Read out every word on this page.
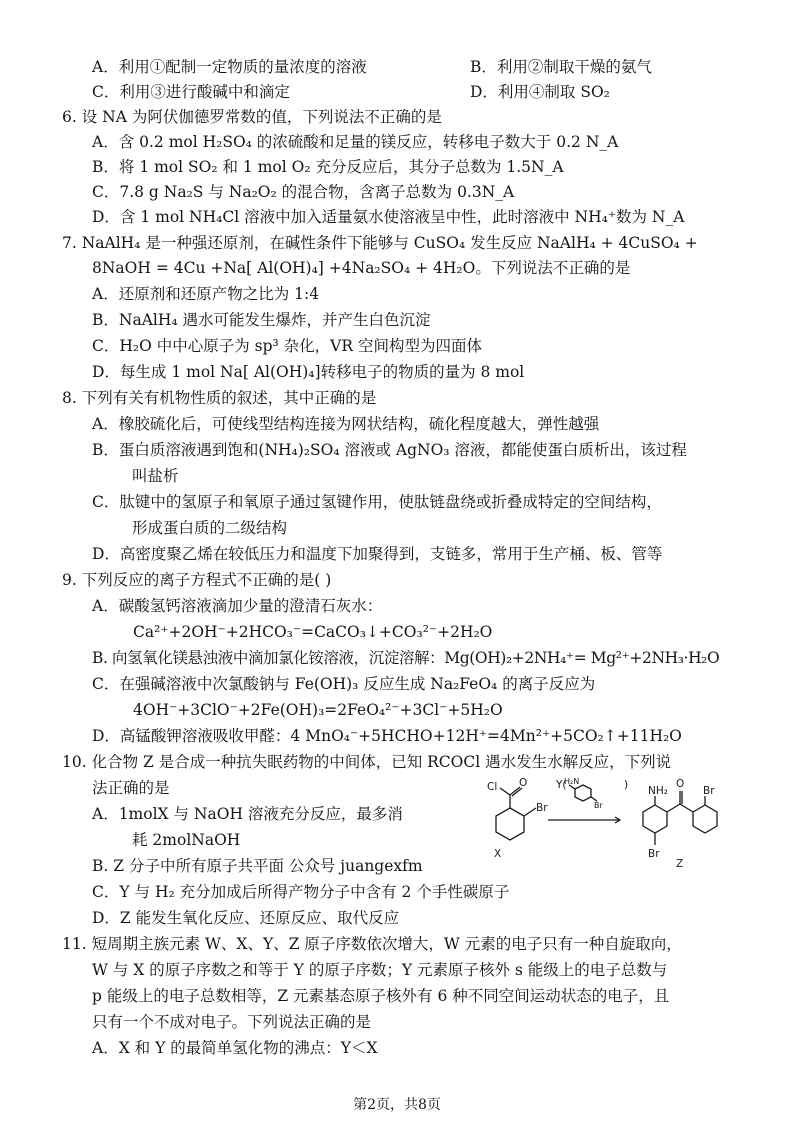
A．利用①配制一定物质的量浓度的溶液	B．利用②制取干燥的氨气
C．利用③进行酸碱中和滴定	D．利用④制取 SO₂
6. 设 NA 为阿伏伽德罗常数的值，下列说法不正确的是
A．含 0.2 mol H₂SO₄ 的浓硫酸和足量的镁反应，转移电子数大于 0.2 N_A
B．将 1 mol SO₂ 和 1 mol O₂ 充分反应后，其分子总数为 1.5N_A
C．7.8 g Na₂S 与 Na₂O₂ 的混合物，含离子总数为 0.3N_A
D．含 1 mol NH₄Cl 溶液中加入适量氨水使溶液呈中性，此时溶液中 NH₄⁺数为 N_A
7. NaAlH₄ 是一种强还原剂，在碱性条件下能够与 CuSO₄ 发生反应 NaAlH₄ + 4CuSO₄ +
8NaOH = 4Cu +Na[ Al(OH)₄] +4Na₂SO₄ + 4H₂O。下列说法不正确的是
A．还原剂和还原产物之比为 1:4
B．NaAlH₄ 遇水可能发生爆炸，并产生白色沉淀
C．H₂O 中中心原子为 sp³ 杂化，VR 空间构型为四面体
D．每生成 1 mol Na[ Al(OH)₄]转移电子的物质的量为 8 mol
8. 下列有关有机物性质的叙述，其中正确的是
A．橡胶硫化后，可使线型结构连接为网状结构，硫化程度越大，弹性越强
B．蛋白质溶液遇到饱和(NH₄)₂SO₄ 溶液或 AgNO₃ 溶液，都能使蛋白质析出，该过程
叫盐析
C．肽键中的氢原子和氧原子通过氢键作用，使肽链盘绕或折叠成特定的空间结构，
形成蛋白质的二级结构
D．高密度聚乙烯在较低压力和温度下加聚得到，支链多，常用于生产桶、板、管等
9. 下列反应的离子方程式不正确的是( )
A．碳酸氢钙溶液滴加少量的澄清石灰水：
Ca²⁺+2OH⁻+2HCO₃⁻=CaCO₃↓+CO₃²⁻+2H₂O
B. 向氢氧化镁悬浊液中滴加氯化铵溶液，沉淀溶解：Mg(OH)₂+2NH₄⁺= Mg²⁺+2NH₃·H₂O
C．在强碱溶液中次氯酸钠与 Fe(OH)₃ 反应生成 Na₂FeO₄ 的离子反应为
4OH⁻+3ClO⁻+2Fe(OH)₃=2FeO₄²⁻+3Cl⁻+5H₂O
D．高锰酸钾溶液吸收甲醛：4 MnO₄⁻+5HCHO+12H⁺=4Mn²⁺+5CO₂↑+11H₂O
10. 化合物 Z 是合成一种抗失眠药物的中间体，已知 RCOCl 遇水发生水解反应，下列说
法正确的是
A．1molX 与 NaOH 溶液充分反应，最多消
耗 2molNaOH
B. Z 分子中所有原子共平面 公众号 juangexfm
C．Y 与 H₂ 充分加成后所得产物分子中含有 2 个手性碳原子
D．Z 能发生氧化反应、还原反应、取代反应
11. 短周期主族元素 W、X、Y、Z 原子序数依次增大，W 元素的电子只有一种自旋取向，
W 与 X 的原子序数之和等于 Y 的原子序数；Y 元素原子核外 s 能级上的电子总数与
p 能级上的电子总数相等，Z 元素基态原子核外有 6 种不同空间运动状态的电子，且
只有一个不成对电子。下列说法正确的是
A．X 和 Y 的最简单氢化物的沸点：Y＜X
Cl O
Br
X
Y(
H₂N
Br
) NH₂
O
Br
Br
Z
第2页，共8页
